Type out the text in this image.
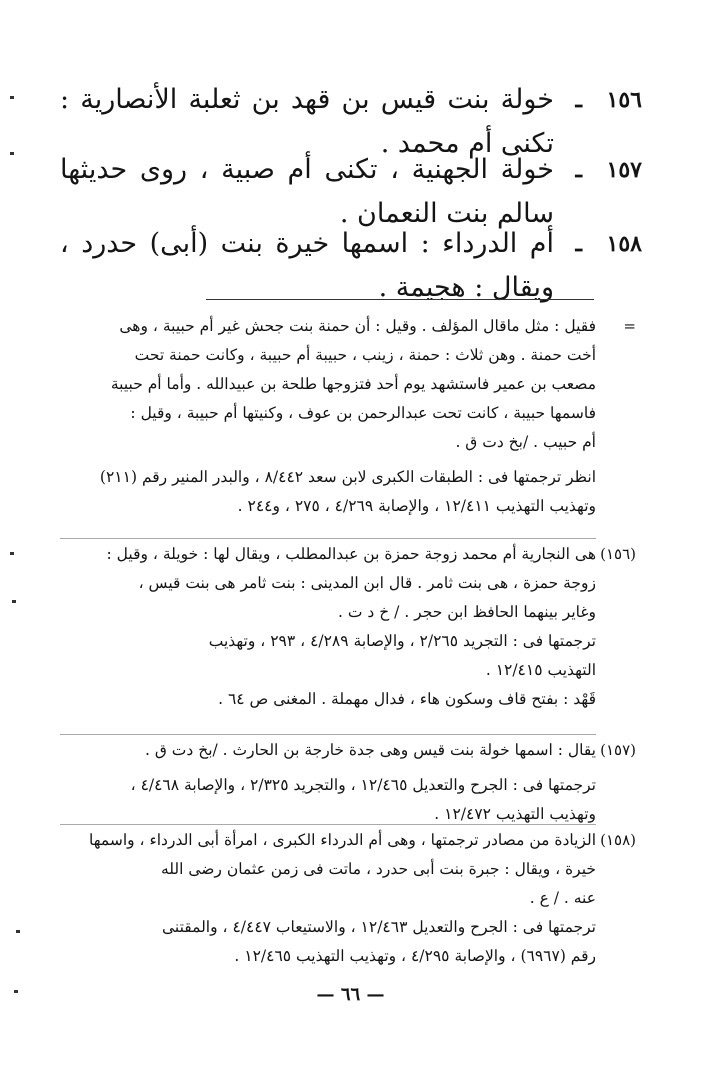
١٥٦
ـ
خولة بنت قيس بن قهد بن ثعلبة الأنصارية : تكنى أم محمد .
١٥٧
ـ
خولة الجهنية ، تكنى أم صبية ، روى حديثها سالم بنت النعمان .
١٥٨
ـ
أم الدرداء : اسمها خيرة بنت (أبى) حدرد ، ويقال : هجيمة .
=

فقيل : مثل ماقال المؤلف . وقيل : أن حمنة بنت جحش غير أم حبيبة ، وهى

أخت حمنة . وهن ثلاث : حمنة ، زينب ، حبيبة أم حبيبة ، وكانت حمنة تحت

مصعب بن عمير فاستشهد يوم أحد فتزوجها طلحة بن عبيدالله . وأما أم حبيبة

فاسمها حبيبة ، كانت تحت عبدالرحمن بن عوف ، وكنيتها أم حبيبة ، وقيل :

أم حبيب . /بخ دت ق .

انظر ترجمتها فى : الطبقات الكبرى لابن سعد ٨/٤٤٢ ، والبدر المنير رقم (٢١١)

وتهذيب التهذيب ١٢/٤١١ ، والإصابة ٤/٢٦٩ ، ٢٧٥ ، و٢٤٤ .

(١٥٦)

هى النجارية أم محمد زوجة حمزة بن عبدالمطلب ، ويقال لها : خويلة ، وقيل :

زوجة حمزة ، هى بنت ثامر . قال ابن المدينى : بنت ثامر هى بنت قيس ،

وغاير بينهما الحافظ ابن حجر . / خ د ت .

ترجمتها فى : التجريد ٢/٢٦٥ ، والإصابة ٤/٢٨٩ ، ٢٩٣ ، وتهذيب

التهذيب ١٢/٤١٥ .

قَهْد : بفتح قاف وسكون هاء ، فدال مهملة . المغنى ص ٦٤ .

(١٥٧)

يقال : اسمها خولة بنت قيس وهى جدة خارجة بن الحارث . /بخ دت ق .

ترجمتها فى : الجرح والتعديل ١٢/٤٦٥ ، والتجريد ٢/٣٢٥ ، والإصابة ٤/٤٦٨ ،

وتهذيب التهذيب ١٢/٤٧٢ .

(١٥٨)

الزيادة من مصادر ترجمتها ، وهى أم الدرداء الكبرى ، امرأة أبى الدرداء ، واسمها

خيرة ، ويقال : جبرة بنت أبى حدرد ، ماتت فى زمن عثمان رضى الله

عنه . / ع .

ترجمتها فى : الجرح والتعديل ١٢/٤٦٣ ، والاستيعاب ٤/٤٤٧ ، والمقتنى

رقم (٦٩٦٧) ، والإصابة ٤/٢٩٥ ، وتهذيب التهذيب ١٢/٤٦٥ .

— ٦٦ —
